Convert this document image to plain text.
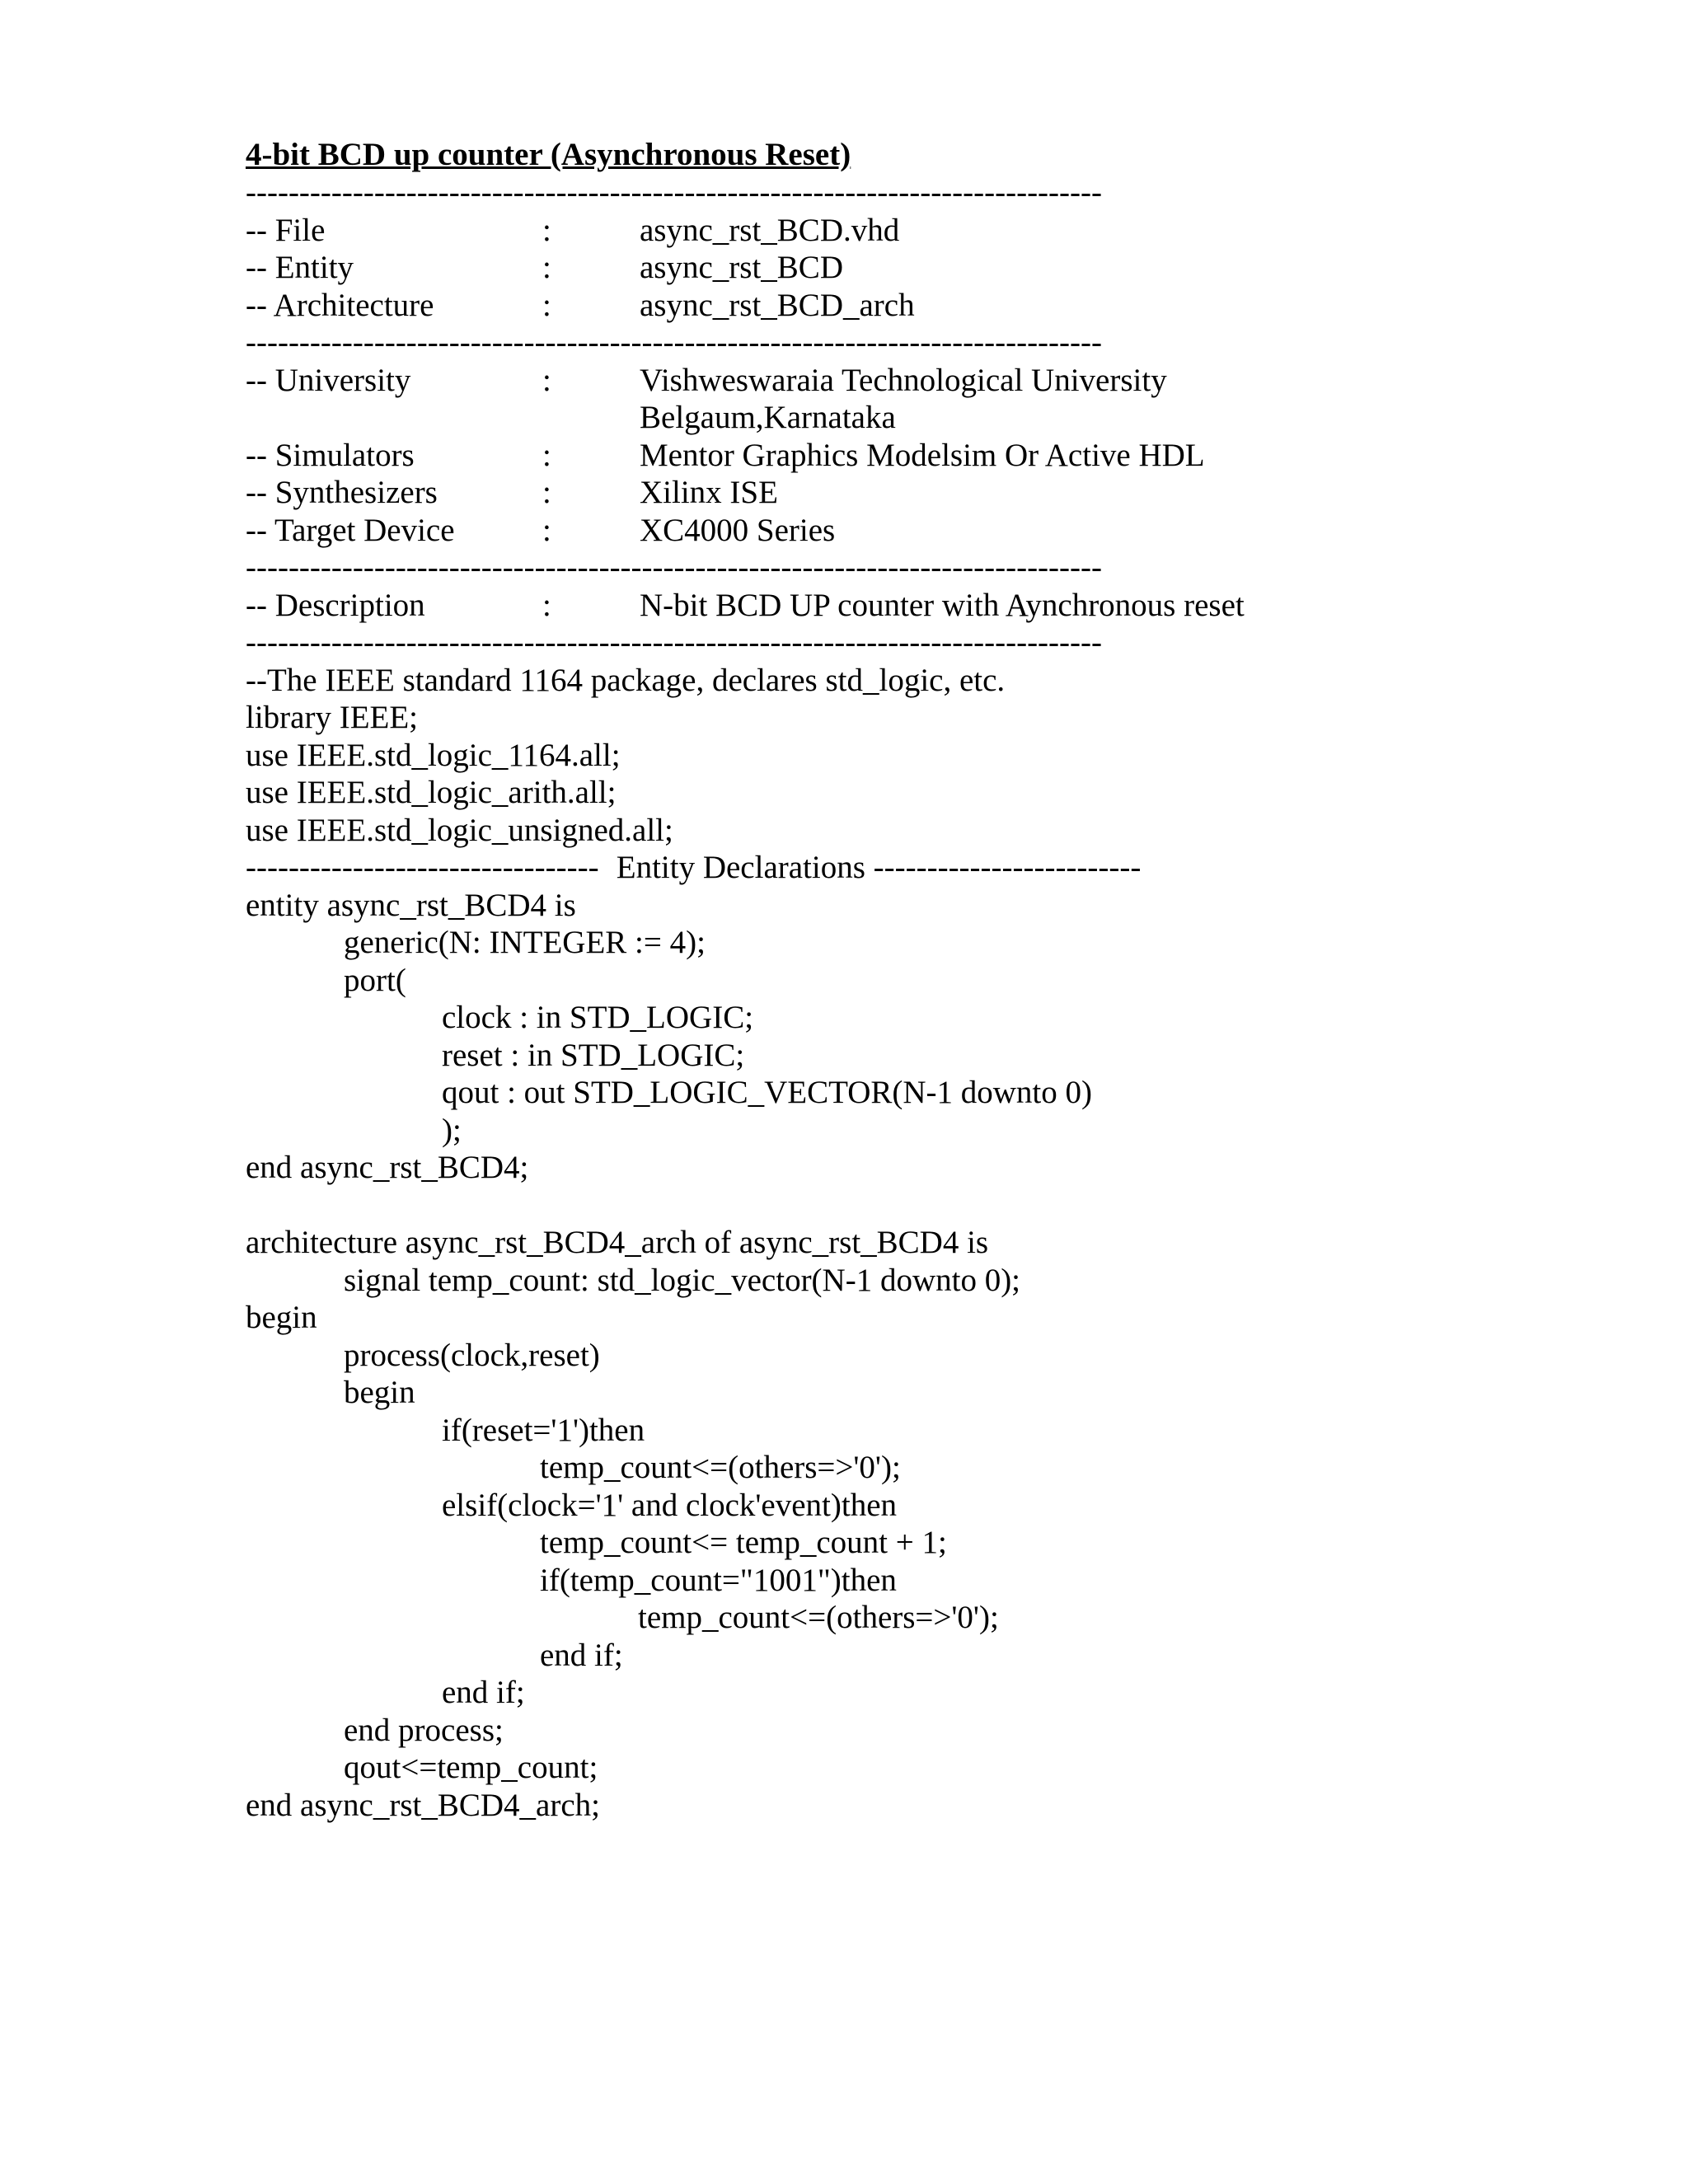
4-bit BCD up counter (Asynchronous Reset)
--------------------------------------------------------------------------------
-- File	:	async_rst_BCD.vhd
-- Entity	:	async_rst_BCD
-- Architecture	:	async_rst_BCD_arch
--------------------------------------------------------------------------------
-- University	:	Vishweswaraia Technological University
Belgaum,Karnataka
-- Simulators	:	Mentor Graphics Modelsim Or Active HDL
-- Synthesizers	:	Xilinx ISE
-- Target Device	:	XC4000 Series
--------------------------------------------------------------------------------
-- Description	:	N-bit BCD UP counter with Aynchronous reset
--------------------------------------------------------------------------------
--The IEEE standard 1164 package, declares std_logic, etc.
library IEEE;
use IEEE.std_logic_1164.all;
use IEEE.std_logic_arith.all;
use IEEE.std_logic_unsigned.all;
--------------------------------- Entity Declarations -------------------------
entity async_rst_BCD4 is
generic(N: INTEGER := 4);
port(
clock : in STD_LOGIC;
reset : in STD_LOGIC;
qout : out STD_LOGIC_VECTOR(N-1 downto 0)
);
end async_rst_BCD4;
architecture async_rst_BCD4_arch of async_rst_BCD4 is
signal temp_count: std_logic_vector(N-1 downto 0);
begin
process(clock,reset)
begin
if(reset='1')then
temp_count<=(others=>'0');
elsif(clock='1' and clock'event)then
temp_count<= temp_count + 1;
if(temp_count="1001")then
temp_count<=(others=>'0');
end if;
end if;
end process;
qout<=temp_count;
end async_rst_BCD4_arch;
